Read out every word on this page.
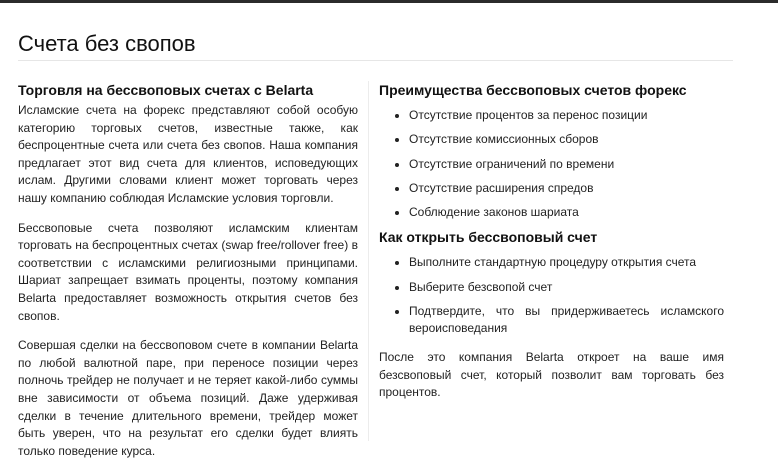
Счета без свопов
Торговля на бессвоповых счетах с Belarta

Исламские счета на форекс представляют собой особую категорию торговых счетов, известные также, как беспроцентные счета или счета без свопов. Наша компания предлагает этот вид счета для клиентов, исповедующих ислам. Другими словами клиент может торговать через нашу компанию соблюдая Исламские условия торговли.

Бессвоповые счета позволяют исламским клиентам торговать на беспроцентных счетах (swap free/rollover free) в соответствии с исламскими религиозными принципами. Шариат запрещает взимать проценты, поэтому компания Belarta предоставляет возможность открытия счетов без свопов.

Совершая сделки на бессвоповом счете в компании Belarta по любой валютной паре, при переносе позиции через полночь трейдер не получает и не теряет какой-либо суммы вне зависимости от объема позиций. Даже удерживая сделки в течение длительного времени, трейдер может быть уверен, что на результат его сделки будет влиять только поведение курса.

Преимущества бессвоповых счетов форекс
Отсутствие процентов за перенос позиции
Отсутствие комиссионных сборов
Отсутствие ограничений по времени
Отсутствие расширения спредов
Соблюдение законов шариата
Как открыть бессвоповый счет
Выполните стандартную процедуру открытия счета
Выберите безсвопой счет
Подтвердите, что вы придерживаетесь исламского вероисповедания

После это компания Belarta откроет на ваше имя безсвоповый счет, который позволит вам торговать без процентов.
